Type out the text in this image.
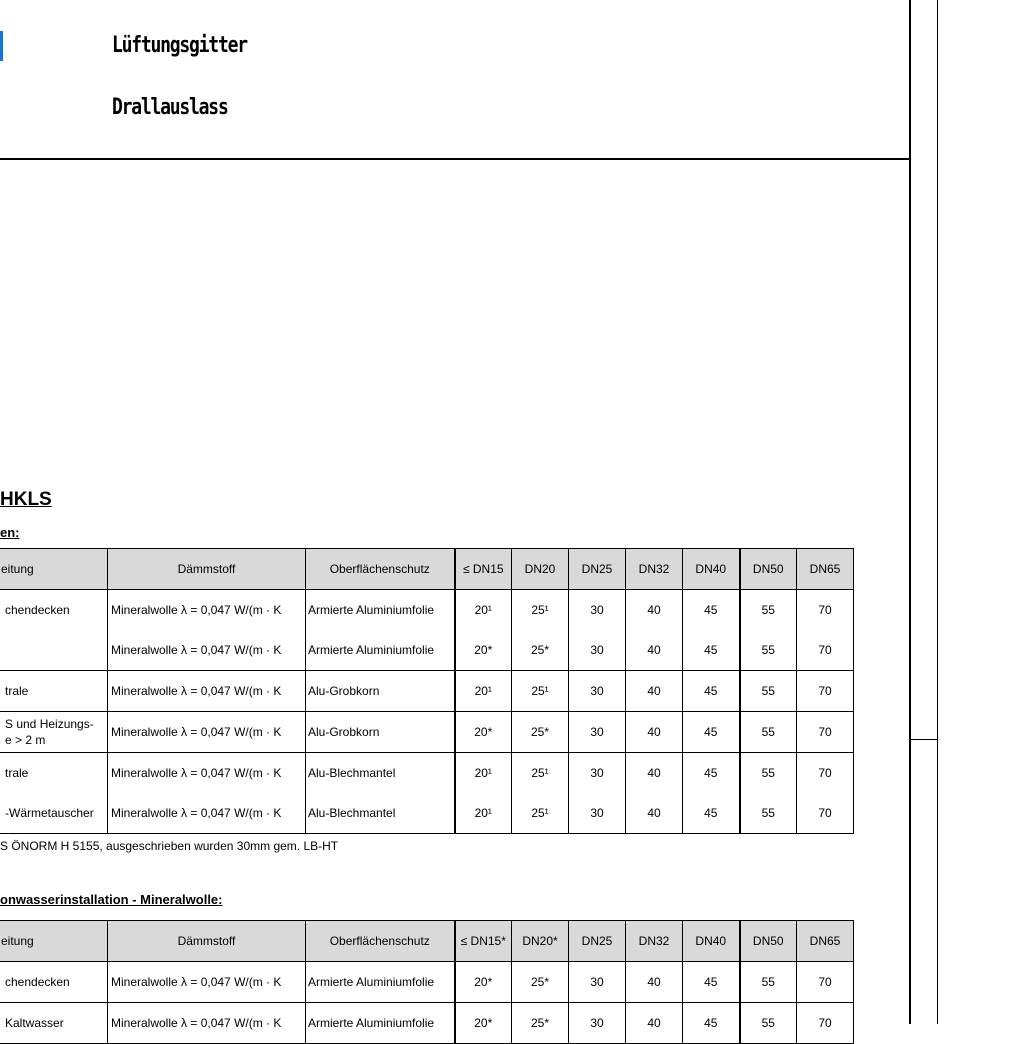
Lüftungsgitter
Drallauslass
HKLS
en:
eitung	Dämmstoff	Oberflächenschutz	≤ DN15	DN20	DN25	DN32	DN40	DN50	DN65
chendecken	Mineralwolle λ = 0,047 W/(m · K	Armierte Aluminiumfolie	20¹	25¹	30	40	45	55	70
	Mineralwolle λ = 0,047 W/(m · K	Armierte Aluminiumfolie	20*	25*	30	40	45	55	70
trale	Mineralwolle λ = 0,047 W/(m · K	Alu-Grobkorn	20¹	25¹	30	40	45	55	70
S und Heizungs-
e > 2 m	Mineralwolle λ = 0,047 W/(m · K	Alu-Grobkorn	20*	25*	30	40	45	55	70
trale	Mineralwolle λ = 0,047 W/(m · K	Alu-Blechmantel	20¹	25¹	30	40	45	55	70
-Wärmetauscher	Mineralwolle λ = 0,047 W/(m · K	Alu-Blechmantel	20¹	25¹	30	40	45	55	70
S ÖNORM H 5155, ausgeschrieben wurden 30mm gem. LB-HT
onwasserinstallation - Mineralwolle:
eitung	Dämmstoff	Oberflächenschutz	≤ DN15*	DN20*	DN25	DN32	DN40	DN50	DN65
chendecken	Mineralwolle λ = 0,047 W/(m · K	Armierte Aluminiumfolie	20*	25*	30	40	45	55	70
Kaltwasser	Mineralwolle λ = 0,047 W/(m · K	Armierte Aluminiumfolie	20*	25*	30	40	45	55	70
